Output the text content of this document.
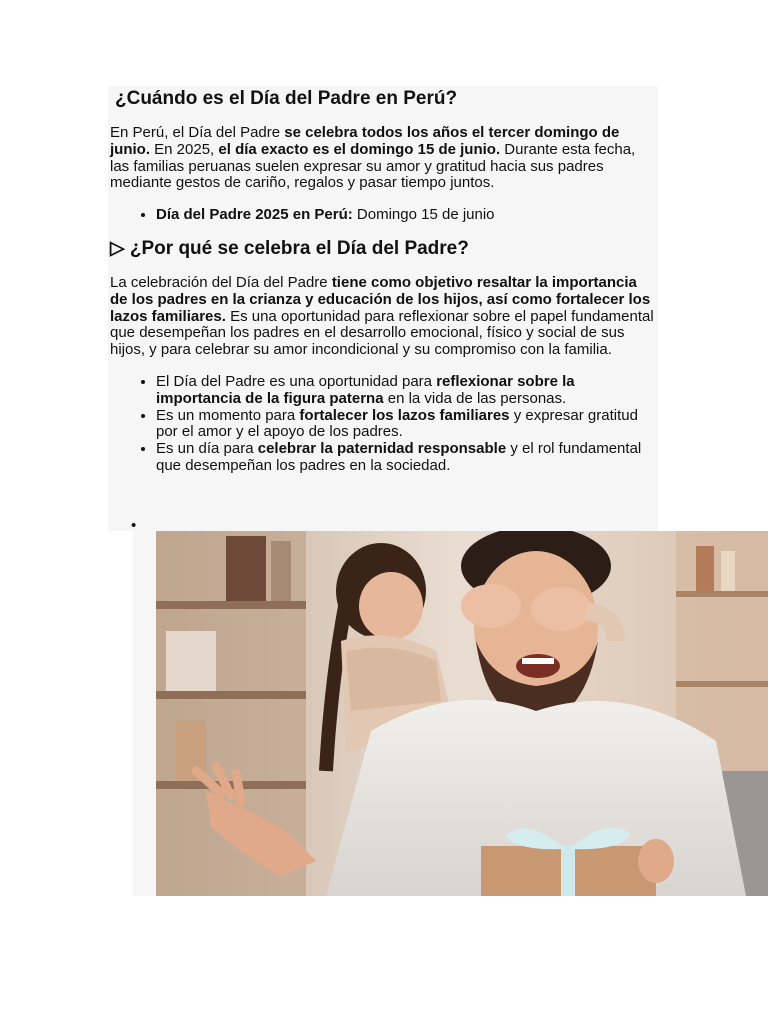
¿Cuándo es el Día del Padre en Perú?

En Perú, el Día del Padre se celebra todos los años el tercer domingo de junio. En 2025, el día exacto es el domingo 15 de junio. Durante esta fecha, las familias peruanas suelen expresar su amor y gratitud hacia sus padres mediante gestos de cariño, regalos y pasar tiempo juntos.

• Día del Padre 2025 en Perú: Domingo 15 de junio
▷ ¿Por qué se celebra el Día del Padre?

La celebración del Día del Padre tiene como objetivo resaltar la importancia de los padres en la crianza y educación de los hijos, así como fortalecer los lazos familiares. Es una oportunidad para reflexionar sobre el papel fundamental que desempeñan los padres en el desarrollo emocional, físico y social de sus hijos, y para celebrar su amor incondicional y su compromiso con la familia.

• El Día del Padre es una oportunidad para reflexionar sobre la importancia de la figura paterna en la vida de las personas.
• Es un momento para fortalecer los lazos familiares y expresar gratitud por el amor y el apoyo de los padres.
• Es un día para celebrar la paternidad responsable y el rol fundamental que desempeñan los padres en la sociedad.
•
